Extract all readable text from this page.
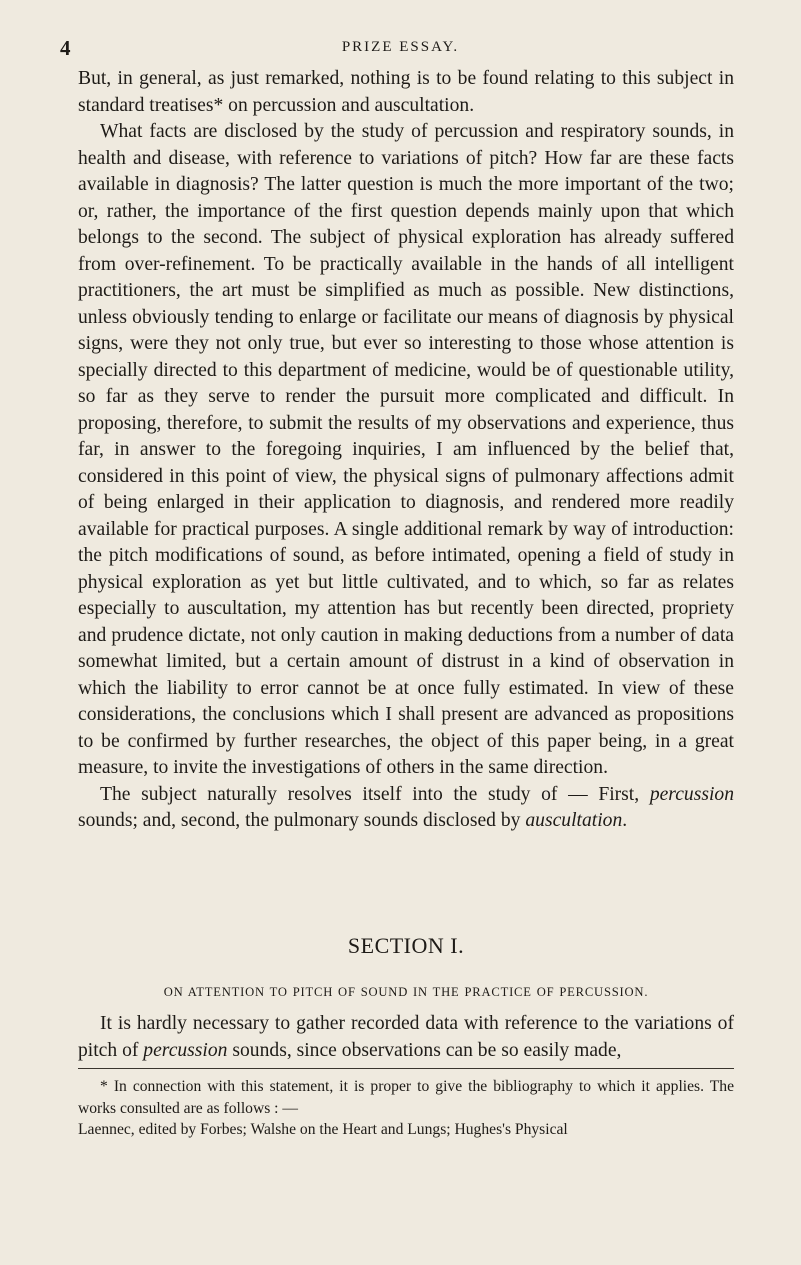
4	PRIZE ESSAY.

But, in general, as just remarked, nothing is to be found relating to this subject in standard treatises* on percussion and auscultation.

What facts are disclosed by the study of percussion and respiratory sounds, in health and disease, with reference to variations of pitch? How far are these facts available in diagnosis? The latter question is much the more important of the two; or, rather, the importance of the first question depends mainly upon that which belongs to the second. The subject of physical exploration has already suffered from over-refinement. To be practically available in the hands of all intelligent practitioners, the art must be simplified as much as possible. New distinctions, unless obviously tending to enlarge or facilitate our means of diagnosis by physical signs, were they not only true, but ever so interesting to those whose attention is specially directed to this department of medicine, would be of questionable utility, so far as they serve to render the pursuit more complicated and difficult. In proposing, therefore, to submit the results of my observations and experience, thus far, in answer to the foregoing inquiries, I am influenced by the belief that, considered in this point of view, the physical signs of pulmonary affections admit of being enlarged in their application to diagnosis, and rendered more readily available for practical purposes. A single additional remark by way of introduction: the pitch modifications of sound, as before intimated, opening a field of study in physical exploration as yet but little cultivated, and to which, so far as relates especially to auscultation, my attention has but recently been directed, propriety and prudence dictate, not only caution in making deductions from a number of data somewhat limited, but a certain amount of distrust in a kind of observation in which the liability to error cannot be at once fully estimated. In view of these considerations, the conclusions which I shall present are advanced as propositions to be confirmed by further researches, the object of this paper being, in a great measure, to invite the investigations of others in the same direction.

The subject naturally resolves itself into the study of — First, percussion sounds; and, second, the pulmonary sounds disclosed by auscultation.

SECTION I.
ON ATTENTION TO PITCH OF SOUND IN THE PRACTICE OF PERCUSSION.

It is hardly necessary to gather recorded data with reference to the variations of pitch of percussion sounds, since observations can be so easily made,

* In connection with this statement, it is proper to give the bibliography to which it applies. The works consulted are as follows : —

Laennec, edited by Forbes; Walshe on the Heart and Lungs; Hughes's Physical
